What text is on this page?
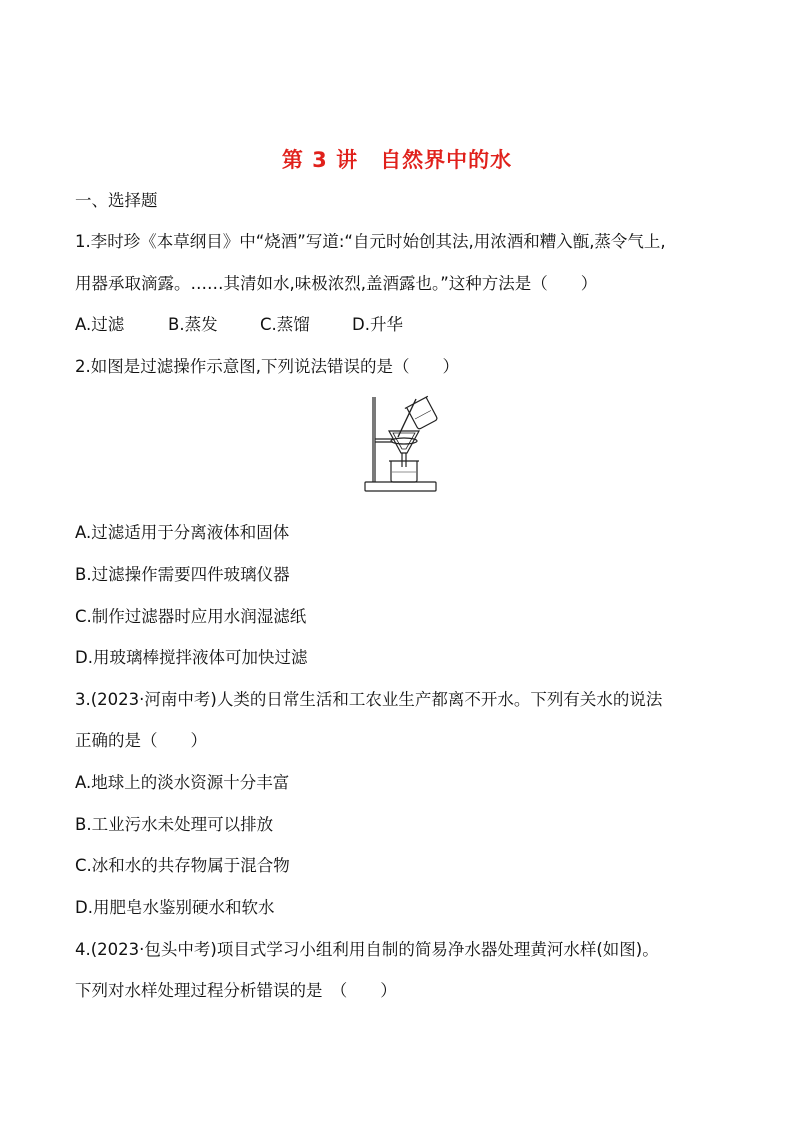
第 3 讲　自然界中的水
一、选择题
1.李时珍《本草纲目》中“烧酒”写道:“自元时始创其法,用浓酒和糟入甑,蒸令气上,
用器承取滴露。……其清如水,味极浓烈,盖酒露也。”这种方法是（　　）
A.过滤	B.蒸发	C.蒸馏	D.升华
2.如图是过滤操作示意图,下列说法错误的是（　　）
A.过滤适用于分离液体和固体
B.过滤操作需要四件玻璃仪器
C.制作过滤器时应用水润湿滤纸
D.用玻璃棒搅拌液体可加快过滤
3.(2023·河南中考)人类的日常生活和工农业生产都离不开水。下列有关水的说法
正确的是（　　）
A.地球上的淡水资源十分丰富
B.工业污水未处理可以排放
C.冰和水的共存物属于混合物
D.用肥皂水鉴别硬水和软水
4.(2023·包头中考)项目式学习小组利用自制的简易净水器处理黄河水样(如图)。
下列对水样处理过程分析错误的是　（　　）
